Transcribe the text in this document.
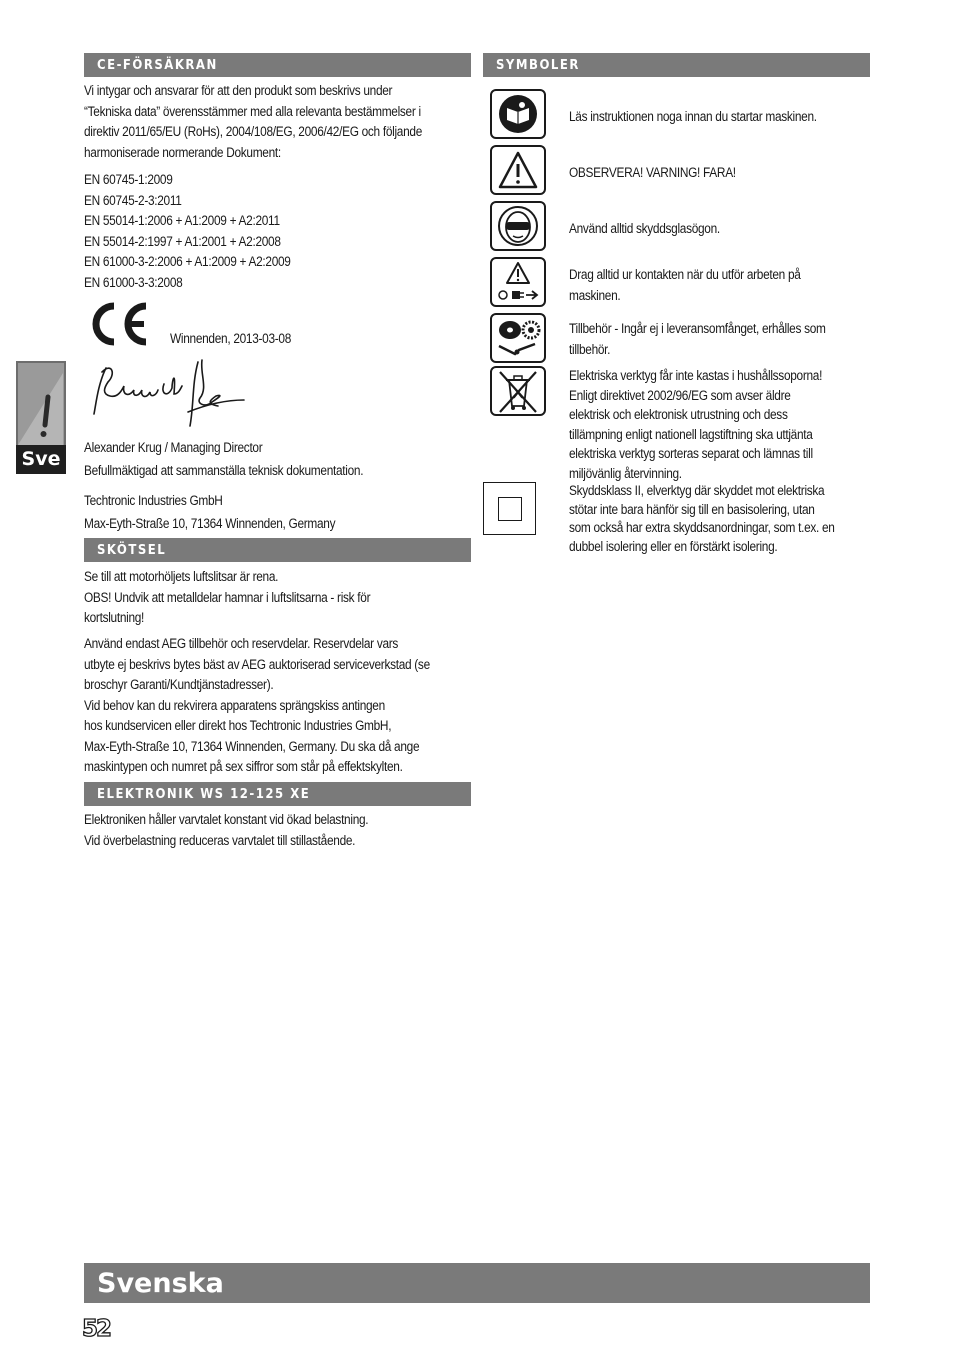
CE-FÖRSÄKRAN
Vi intygar och ansvarar för att den produkt som beskrivs under
“Tekniska data” överensstämmer med alla relevanta bestämmelser i
direktiv 2011/65/EU (RoHs), 2004/108/EG, 2006/42/EG och följande
harmoniserade normerande Dokument:
EN 60745-1:2009
EN 60745-2-3:2011
EN 55014-1:2006 + A1:2009 + A2:2011
EN 55014-2:1997 + A1:2001 + A2:2008
EN 61000-3-2:2006 + A1:2009 + A2:2009
EN 61000-3-3:2008
Winnenden, 2013-03-08
Alexander Krug / Managing Director
Befullmäktigad att sammanställa teknisk dokumentation.
Techtronic Industries GmbH
Max-Eyth-Straße 10, 71364 Winnenden, Germany
SKÖTSEL
Se till att motorhöljets luftslitsar är rena.
OBS! Undvik att metalldelar hamnar i luftslitsarna - risk för
kortslutning!
Använd endast AEG tillbehör och reservdelar. Reservdelar vars
utbyte ej beskrivs bytes bäst av AEG auktoriserad serviceverkstad (se
broschyr Garanti/Kundtjänstadresser).
Vid behov kan du rekvirera apparatens sprängskiss antingen
hos kundservicen eller direkt hos Techtronic Industries GmbH,
Max-Eyth-Straße 10, 71364 Winnenden, Germany. Du ska då ange
maskintypen och numret på sex siffror som står på effektskylten.
ELEKTRONIK WS 12-125 XE
Elektroniken håller varvtalet konstant vid ökad belastning.
Vid överbelastning reduceras varvtalet till stillastående.
Sve
SYMBOLER
Läs instruktionen noga innan du startar maskinen.
OBSERVERA! VARNING! FARA!
Använd alltid skyddsglasögon.
Drag alltid ur kontakten när du utför arbeten på
maskinen.
Tillbehör - Ingår ej i leveransomfånget, erhålles som
tillbehör.
Elektriska verktyg får inte kastas i hushållssoporna!
Enligt direktivet 2002/96/EG som avser äldre
elektrisk och elektronisk utrustning och dess
tillämpning enligt nationell lagstiftning ska uttjänta
elektriska verktyg sorteras separat och lämnas till
miljövänlig återvinning.
Skyddsklass II, elverktyg där skyddet mot elektriska
stötar inte bara hänför sig till en basisolering, utan
som också har extra skyddsanordningar, som t.ex. en
dubbel isolering eller en förstärkt isolering.
Svenska
52
